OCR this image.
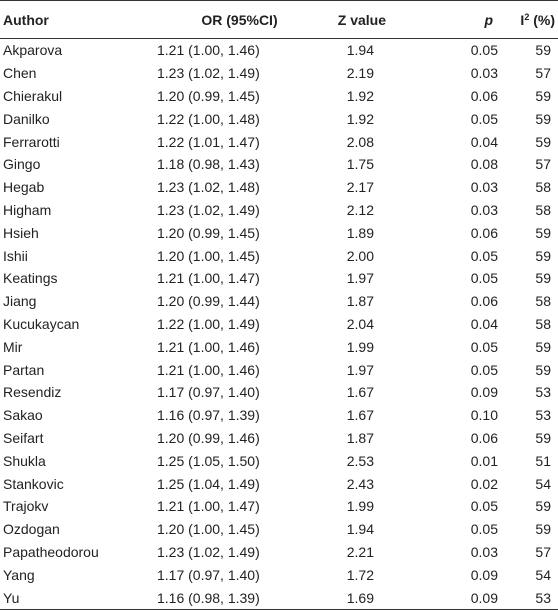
Author	OR (95%CI)	Z value	p	$I^2$ (%)
Akparova	1.21 (1.00, 1.46)	1.94	0.05	59
Chen	1.23 (1.02, 1.49)	2.19	0.03	57
Chierakul	1.20 (0.99, 1.45)	1.92	0.06	59
Danilko	1.22 (1.00, 1.48)	1.92	0.05	59
Ferrarotti	1.22 (1.01, 1.47)	2.08	0.04	59
Gingo	1.18 (0.98, 1.43)	1.75	0.08	57
Hegab	1.23 (1.02, 1.48)	2.17	0.03	58
Higham	1.23 (1.02, 1.49)	2.12	0.03	58
Hsieh	1.20 (0.99, 1.45)	1.89	0.06	59
Ishii	1.20 (1.00, 1.45)	2.00	0.05	59
Keatings	1.21 (1.00, 1.47)	1.97	0.05	59
Jiang	1.20 (0.99, 1.44)	1.87	0.06	58
Kucukaycan	1.22 (1.00, 1.49)	2.04	0.04	58
Mir	1.21 (1.00, 1.46)	1.99	0.05	59
Partan	1.21 (1.00, 1.46)	1.97	0.05	59
Resendiz	1.17 (0.97, 1.40)	1.67	0.09	53
Sakao	1.16 (0.97, 1.39)	1.67	0.10	53
Seifart	1.20 (0.99, 1.46)	1.87	0.06	59
Shukla	1.25 (1.05, 1.50)	2.53	0.01	51
Stankovic	1.25 (1.04, 1.49)	2.43	0.02	54
Trajokv	1.21 (1.00, 1.47)	1.99	0.05	59
Ozdogan	1.20 (1.00, 1.45)	1.94	0.05	59
Papatheodorou	1.23 (1.02, 1.49)	2.21	0.03	57
Yang	1.17 (0.97, 1.40)	1.72	0.09	54
Yu	1.16 (0.98, 1.39)	1.69	0.09	53
